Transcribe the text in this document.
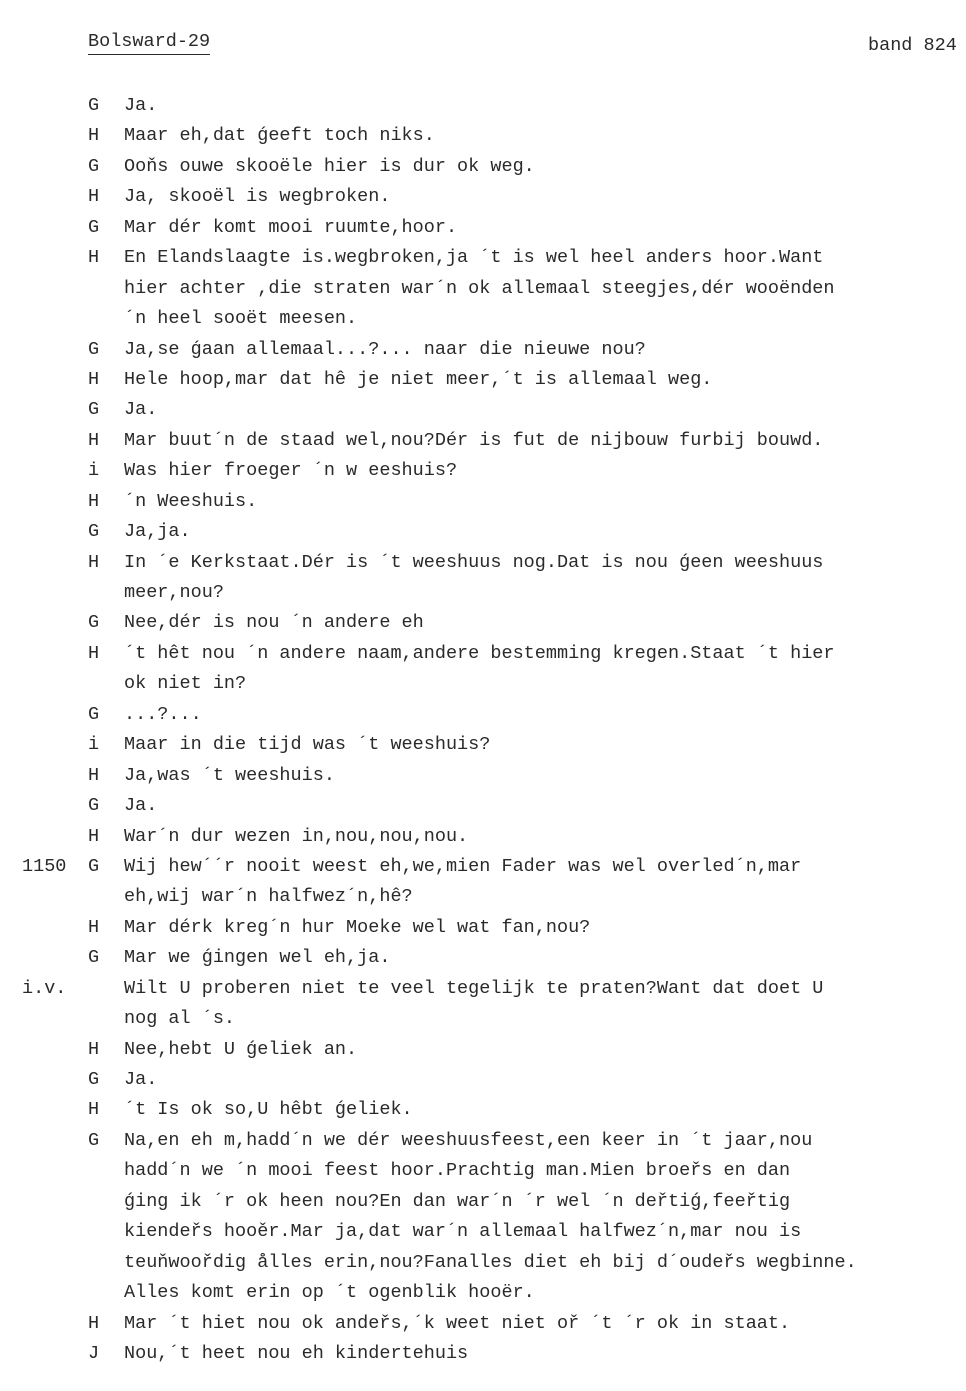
Bolsward-29	band 824
G Ja.
H Maar eh,dat ǵeeft toch niks.
G Ooňs ouwe skooële hier is dur ok weg.
H Ja, skooël is wegbroken.
G Mar dér komt mooi ruumte,hoor.
H En Elandslaagte is.wegbroken,ja ´t is wel heel anders hoor.Want
hier achter ,die straten war´n ok allemaal steegjes,dér wooënden
´n heel sooët meesen.
G Ja,se ǵaan allemaal...?... naar die nieuwe nou?
H Hele hoop,mar dat hê je niet meer,´t is allemaal weg.
G Ja.
H Mar buut´n de staad wel,nou?Dér is fut de nijbouw furbij bouwd.
i Was hier froeger ´n w eeshuis?
H ´n Weeshuis.
G Ja,ja.
H In ´e Kerkstaat.Dér is ´t weeshuus nog.Dat is nou ǵeen weeshuus
meer,nou?
G Nee,dér is nou ´n andere eh
H ´t hêt nou ´n andere naam,andere bestemming kregen.Staat ´t hier
ok niet in?
G ...?...
i Maar in die tijd was ´t weeshuis?
H Ja,was ´t weeshuis.
G Ja.
H War´n dur wezen in,nou,nou,nou.
1150 G Wij hew´´r nooit weest eh,we,mien Fader was wel overled´n,mar
eh,wij war´n halfwez´n,hê?
H Mar dérk kreg´n hur Moeke wel wat fan,nou?
G Mar we ǵingen wel eh,ja.
i.v.	Wilt U proberen niet te veel tegelijk te praten?Want dat doet U
nog al ´s.
H Nee,hebt U ǵeliek an.
G Ja.
H ´t Is ok so,U hêbt ǵeliek.
G Na,en eh m,hadd´n we dér weeshuusfeest,een keer in ´t jaar,nou
hadd´n we ´n mooi feest hoor.Prachtig man.Mien broeřs en dan
ǵing ik ´r ok heen nou?En dan war´n ´r wel ´n deřtiǵ,feeřtig
kiendeřs hooěr.Mar ja,dat war´n allemaal halfwez´n,mar nou is
teuňwoořdig ålles erin,nou?Fanalles diet eh bij d´oudeřs wegbinne.
Alles komt erin op ´t ogenblik hooër.
H Mar ´t hiet nou ok andeřs,´k weet niet oř ´t ´r ok in staat.
J Nou,´t heet nou eh kindertehuis
